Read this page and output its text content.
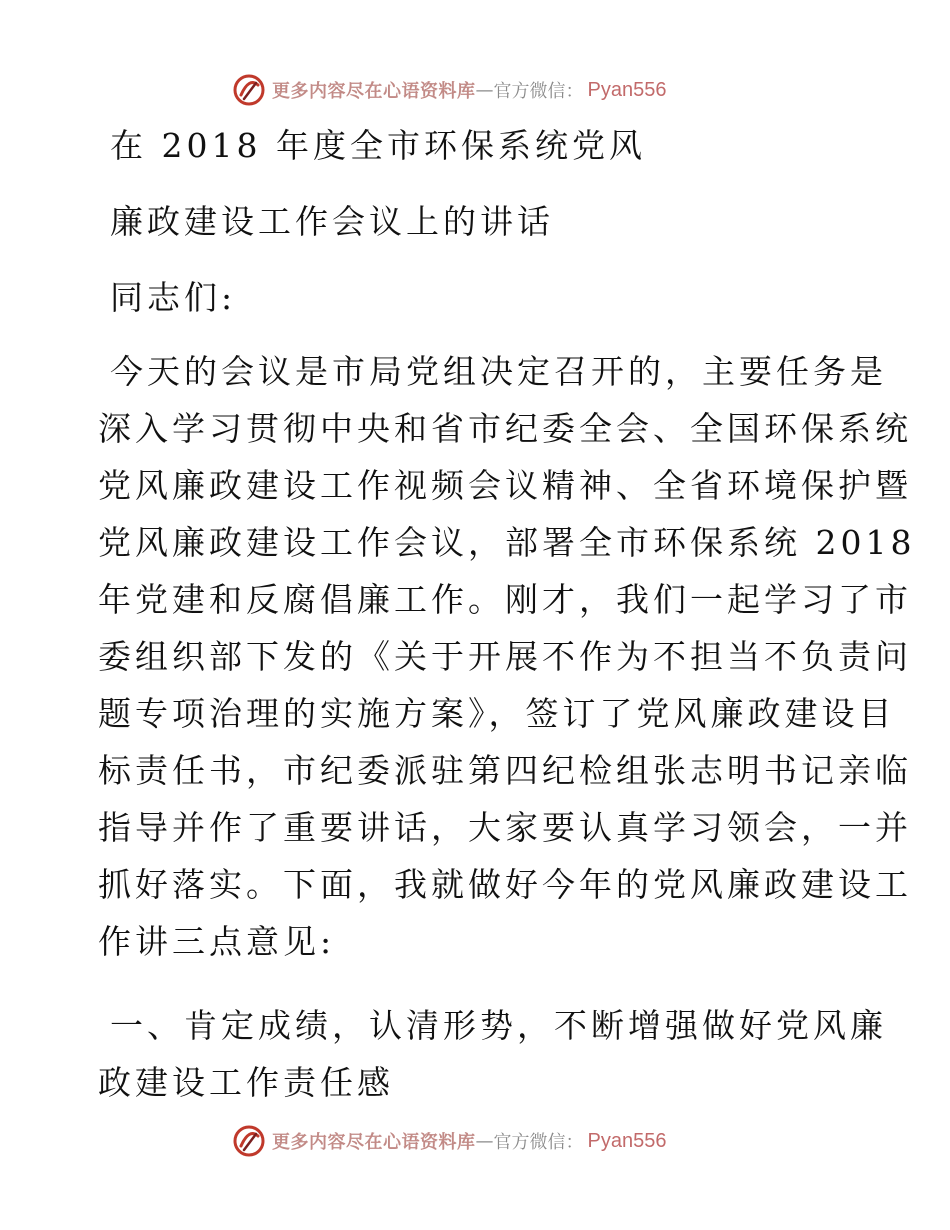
更多内容尽在心语资料库 — 官方微信： Pyan556
在 2018 年度全市环保系统党风
廉政建设工作会议上的讲话
同志们:
今天的会议是市局党组决定召开的，主要任务是
深入学习贯彻中央和省市纪委全会、全国环保系统
党风廉政建设工作视频会议精神、全省环境保护暨
党风廉政建设工作会议，部署全市环保系统 2018
年党建和反腐倡廉工作。刚才，我们一起学习了市
委组织部下发的《关于开展不作为不担当不负责问
题专项治理的实施方案》，签订了党风廉政建设目
标责任书，市纪委派驻第四纪检组张志明书记亲临
指导并作了重要讲话，大家要认真学习领会，一并
抓好落实。下面，我就做好今年的党风廉政建设工
作讲三点意见:
一、肯定成绩，认清形势，不断增强做好党风廉
政建设工作责任感
更多内容尽在心语资料库 — 官方微信： Pyan556
